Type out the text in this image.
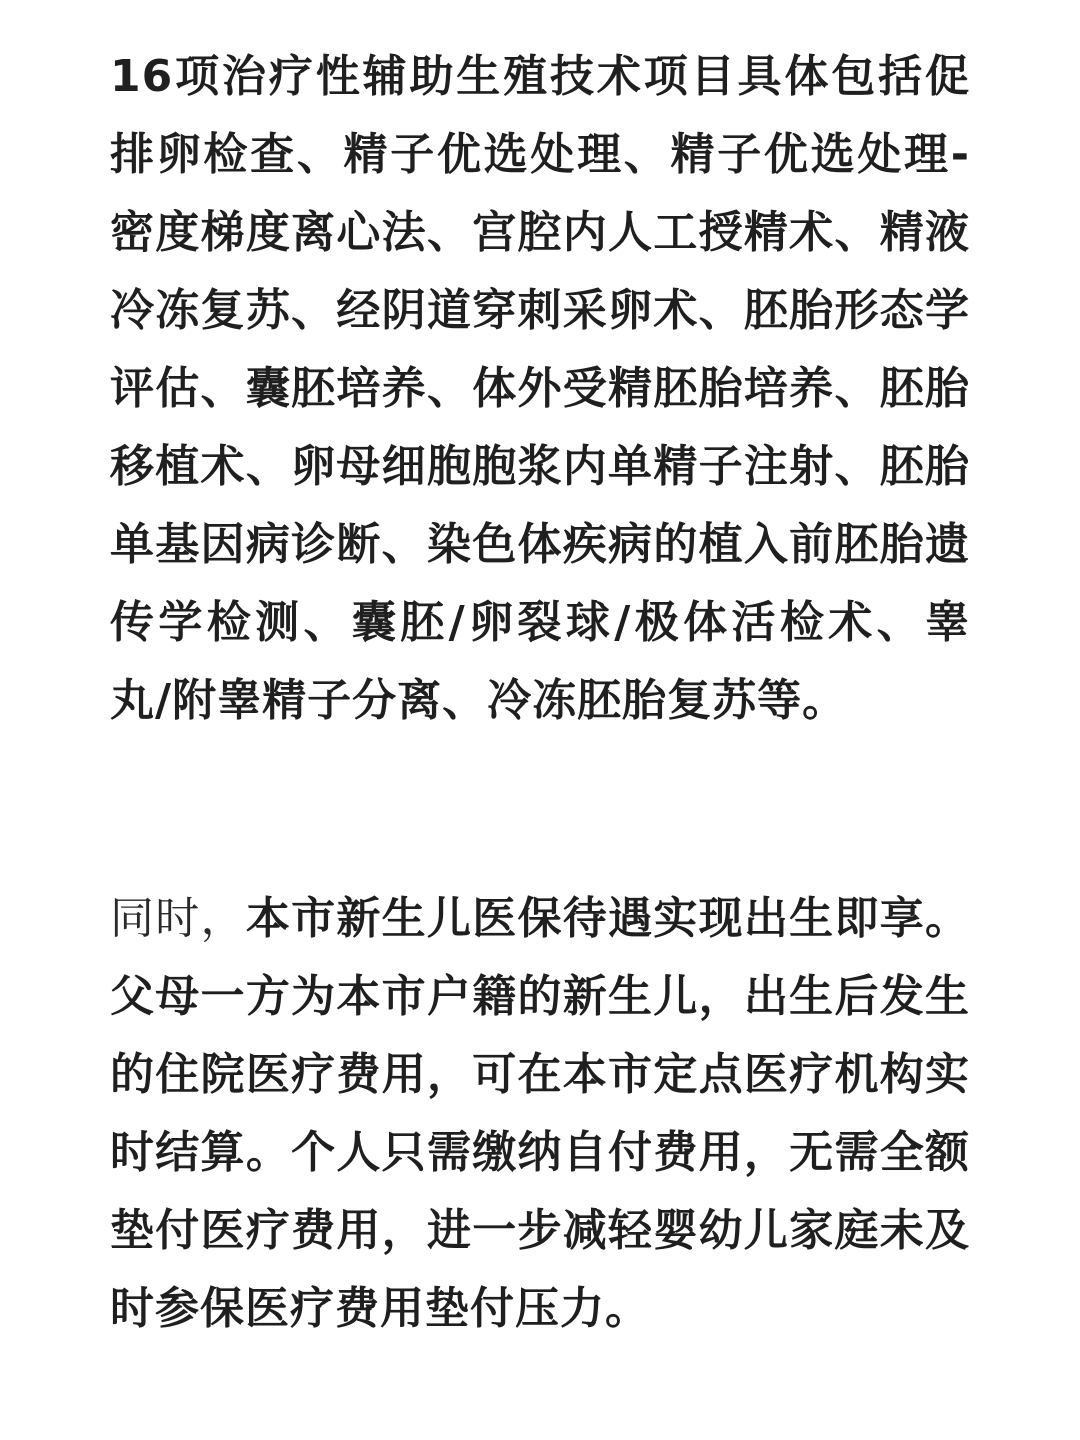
16项治疗性辅助生殖技术项目具体包括促排卵检查、精子优选处理、精子优选处理-密度梯度离心法、宫腔内人工授精术、精液冷冻复苏、经阴道穿刺采卵术、胚胎形态学评估、囊胚培养、体外受精胚胎培养、胚胎移植术、卵母细胞胞浆内单精子注射、胚胎单基因病诊断、染色体疾病的植入前胚胎遗传学检测、囊胚/卵裂球/极体活检术、睾丸/附睾精子分离、冷冻胚胎复苏等。

同时，本市新生儿医保待遇实现出生即享。父母一方为本市户籍的新生儿，出生后发生的住院医疗费用，可在本市定点医疗机构实时结算。个人只需缴纳自付费用，无需全额垫付医疗费用，进一步减轻婴幼儿家庭未及时参保医疗费用垫付压力。
